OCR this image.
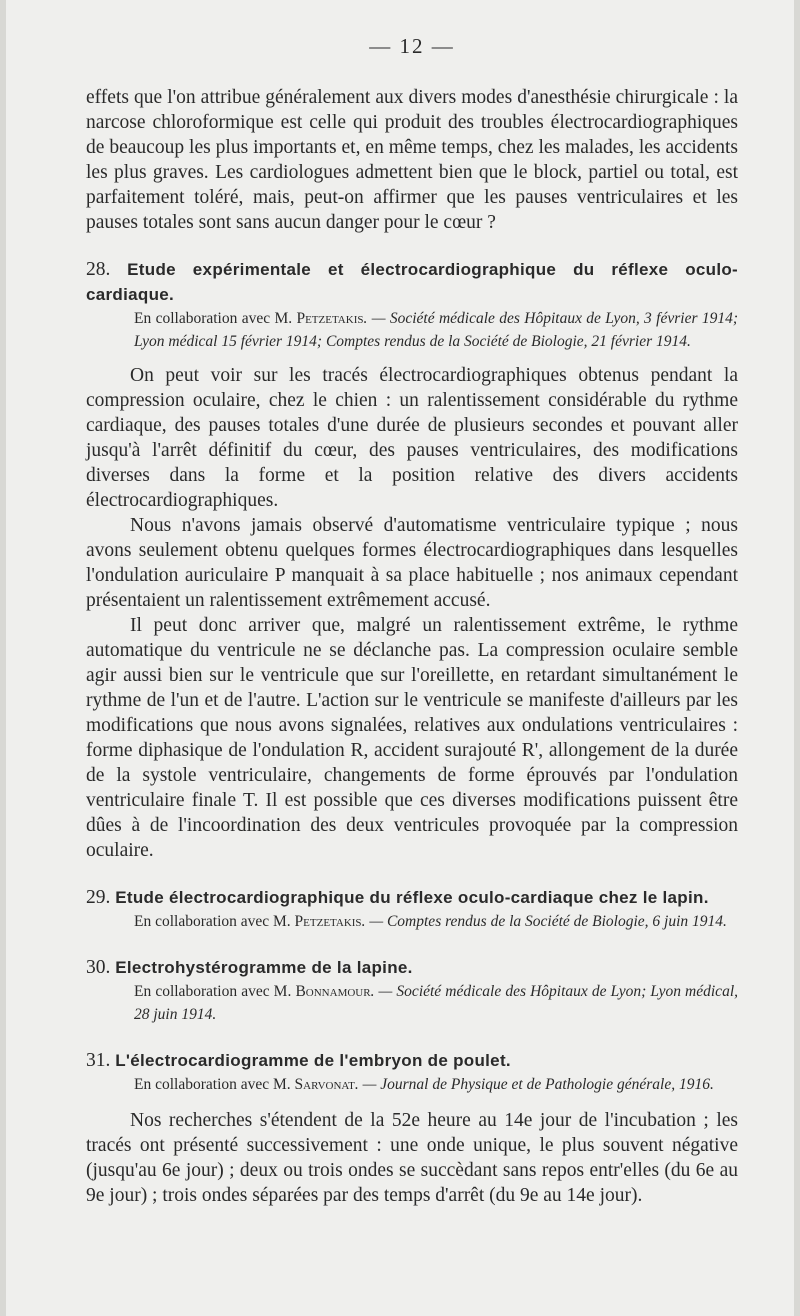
— 12 —

effets que l'on attribue généralement aux divers modes d'anesthésie chirurgicale : la narcose chloroformique est celle qui produit des troubles électrocardiographiques de beaucoup les plus importants et, en même temps, chez les malades, les accidents les plus graves. Les cardiologues admettent bien que le block, partiel ou total, est parfaitement toléré, mais, peut-on affirmer que les pauses ventriculaires et les pauses totales sont sans aucun danger pour le cœur ?

28. Etude expérimentale et électrocardiographique du réflexe oculo-cardiaque.
En collaboration avec M. Petzetakis. — Société médicale des Hôpitaux de Lyon, 3 février 1914; Lyon médical 15 février 1914; Comptes rendus de la Société de Biologie, 21 février 1914.

On peut voir sur les tracés électrocardiographiques obtenus pendant la compression oculaire, chez le chien : un ralentissement considérable du rythme cardiaque, des pauses totales d'une durée de plusieurs secondes et pouvant aller jusqu'à l'arrêt définitif du cœur, des pauses ventriculaires, des modifications diverses dans la forme et la position relative des divers accidents électrocardiographiques.

Nous n'avons jamais observé d'automatisme ventriculaire typique ; nous avons seulement obtenu quelques formes électrocardiographiques dans lesquelles l'ondulation auriculaire P manquait à sa place habituelle ; nos animaux cependant présentaient un ralentissement extrêmement accusé.

Il peut donc arriver que, malgré un ralentissement extrême, le rythme automatique du ventricule ne se déclanche pas. La compression oculaire semble agir aussi bien sur le ventricule que sur l'oreillette, en retardant simultanément le rythme de l'un et de l'autre. L'action sur le ventricule se manifeste d'ailleurs par les modifications que nous avons signalées, relatives aux ondulations ventriculaires : forme diphasique de l'ondulation R, accident surajouté R', allongement de la durée de la systole ventriculaire, changements de forme éprouvés par l'ondulation ventriculaire finale T. Il est possible que ces diverses modifications puissent être dûes à de l'incoordination des deux ventricules provoquée par la compression oculaire.

29. Etude électrocardiographique du réflexe oculo-cardiaque chez le lapin.
En collaboration avec M. Petzetakis. — Comptes rendus de la Société de Biologie, 6 juin 1914.
30. Electrohystérogramme de la lapine.
En collaboration avec M. Bonnamour. — Société médicale des Hôpitaux de Lyon; Lyon médical, 28 juin 1914.
31. L'électrocardiogramme de l'embryon de poulet.
En collaboration avec M. Sarvonat. — Journal de Physique et de Pathologie générale, 1916.

Nos recherches s'étendent de la 52e heure au 14e jour de l'incubation ; les tracés ont présenté successivement : une onde unique, le plus souvent négative (jusqu'au 6e jour) ; deux ou trois ondes se succèdant sans repos entr'elles (du 6e au 9e jour) ; trois ondes séparées par des temps d'arrêt (du 9e au 14e jour).
